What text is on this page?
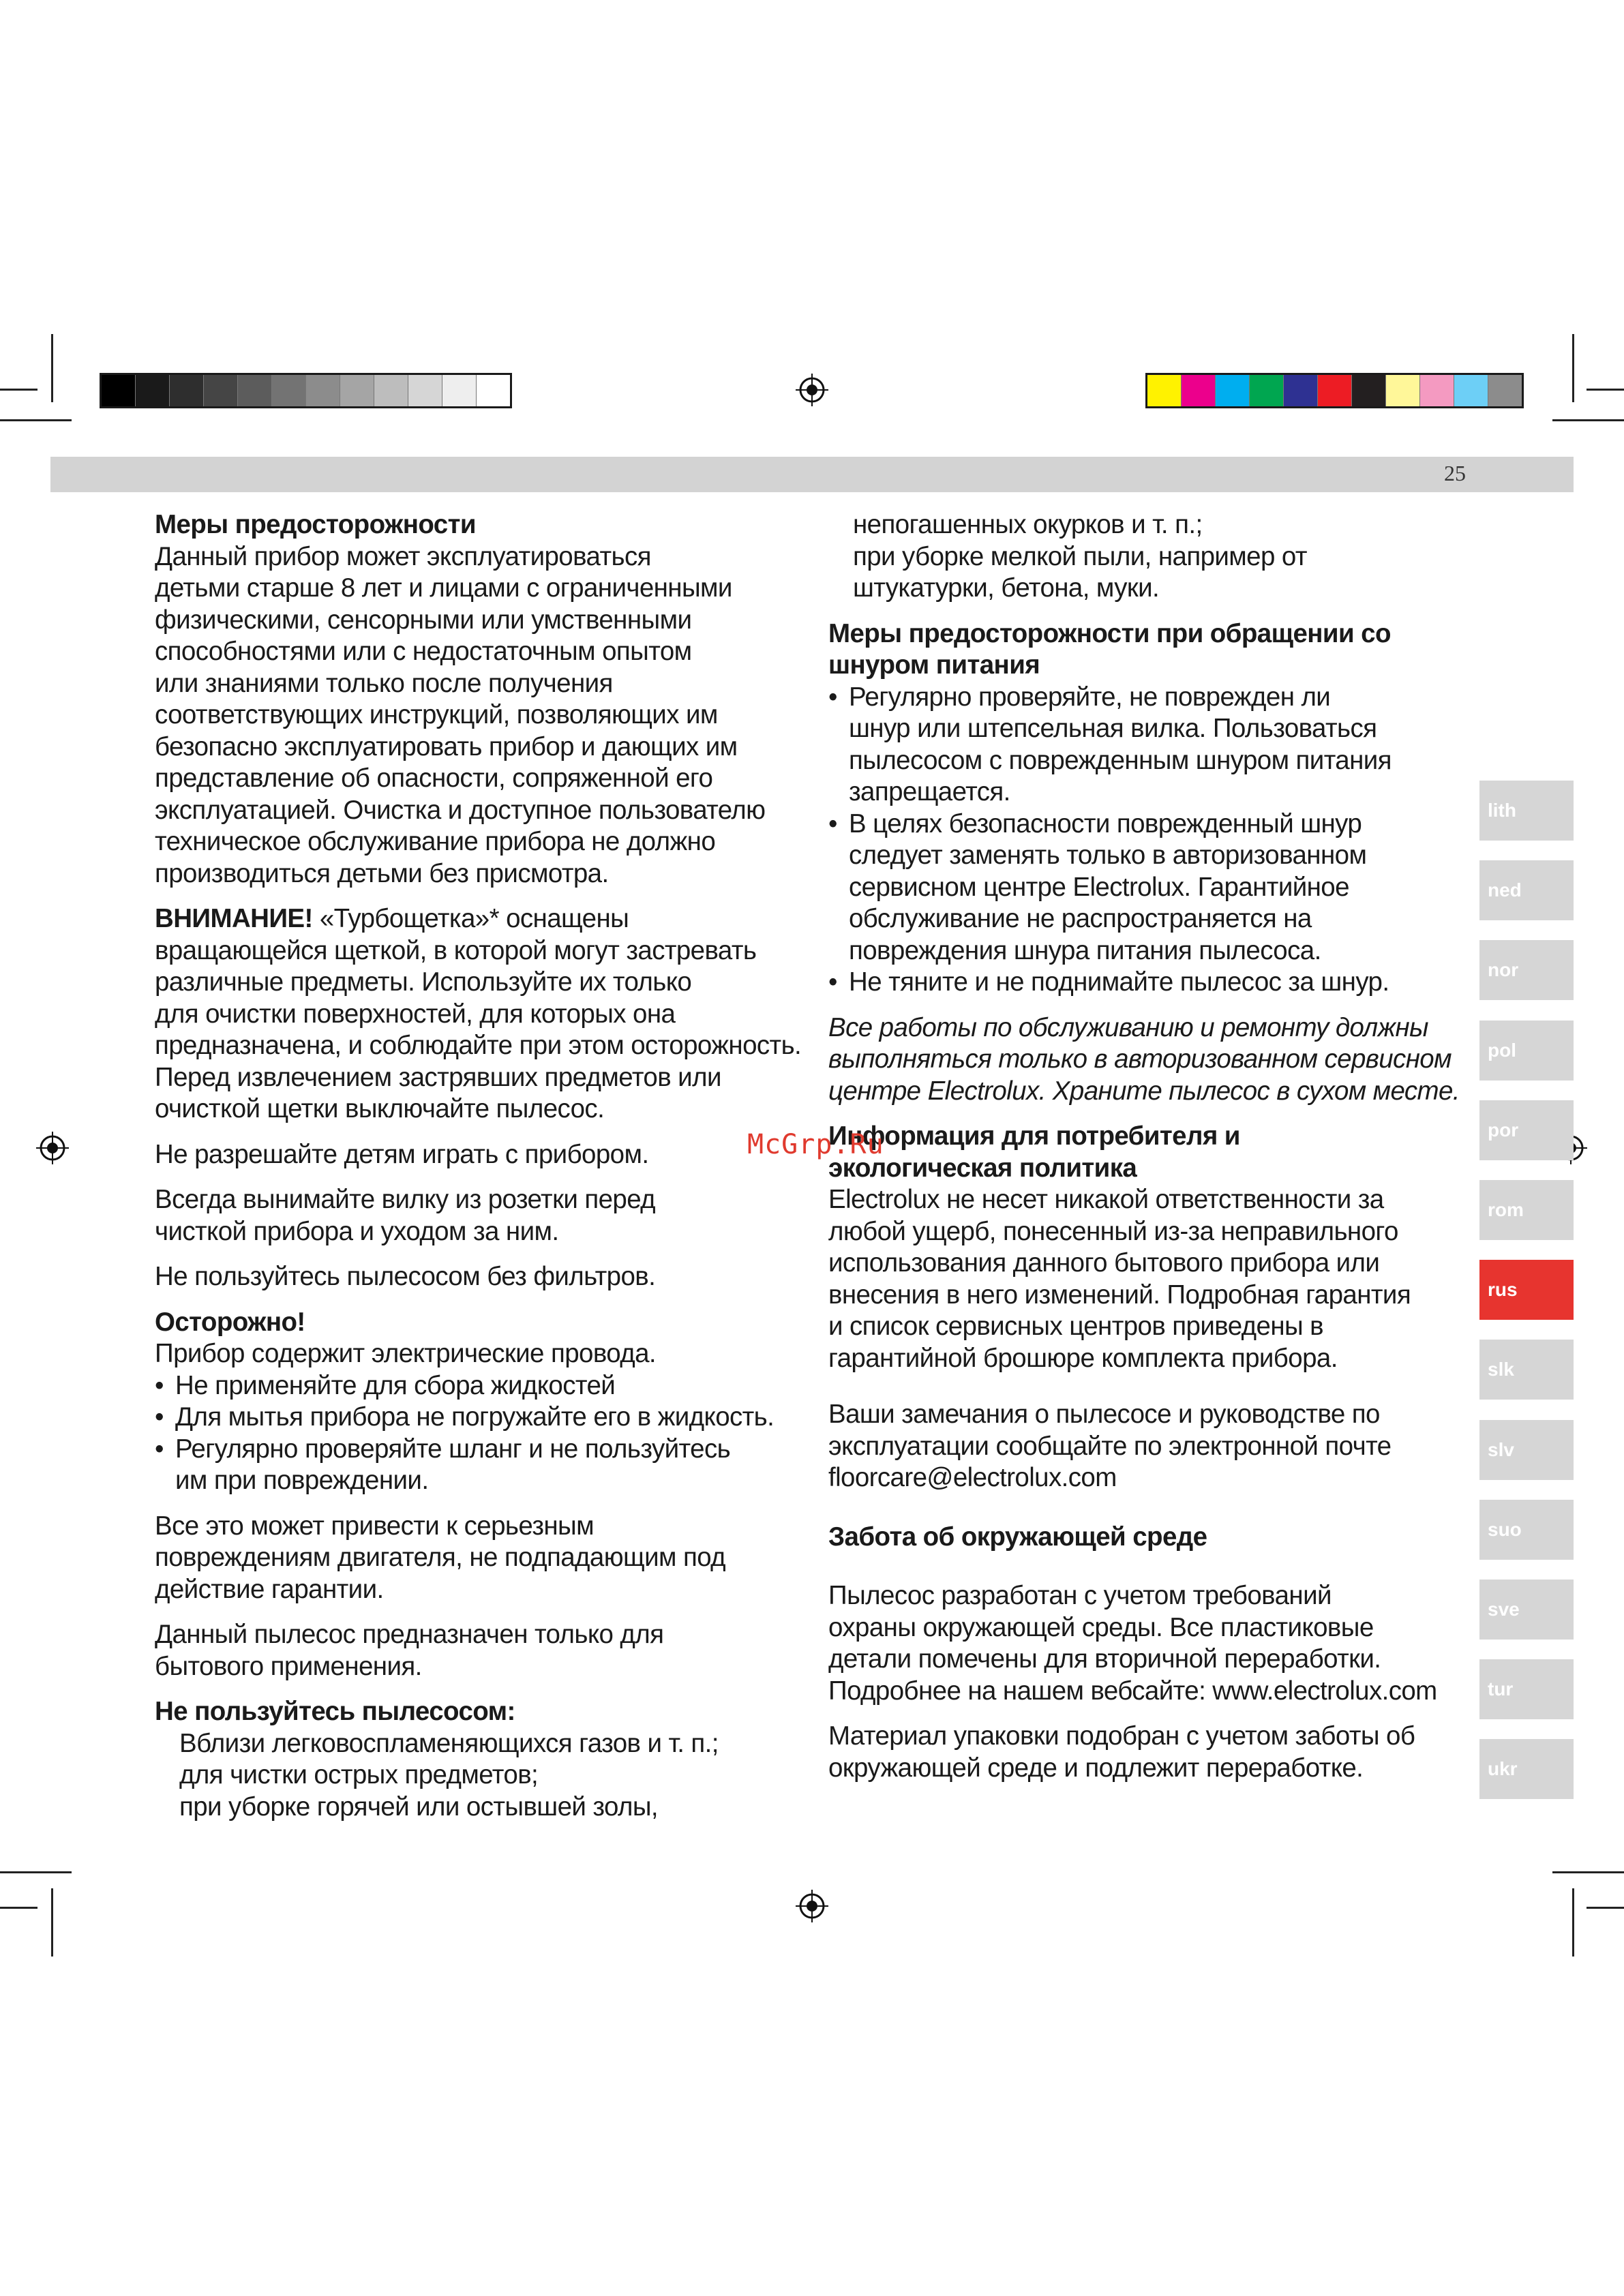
25
Меры предосторожности

Данный прибор может эксплуатироваться
детьми старше 8 лет и лицами с ограниченными
физическими, сенсорными или умственными
способностями или с недостаточным опытом
или знаниями только после получения
соответствующих инструкций, позволяющих им
безопасно эксплуатировать прибор и дающих им
представление об опасности, сопряженной его
эксплуатацией. Очистка и доступное пользователю
техническое обслуживание прибора не должно
производиться детьми без присмотра.

ВНИМАНИЕ! «Турбощетка»* оснащены
вращающейся щеткой, в которой могут застревать
различные предметы. Используйте их только
для очистки поверхностей, для которых она
предназначена, и соблюдайте при этом осторожность.
Перед извлечением застрявших предметов или
очисткой щетки выключайте пылесос.

Не разрешайте детям играть с прибором.

Всегда вынимайте вилку из розетки перед
чисткой прибора и уходом за ним.

Не пользуйтесь пылесосом без фильтров.

Осторожно!
Прибор содержит электрические провода.
• Не применяйте для сбора жидкостей
• Для мытья прибора не погружайте его в жидкость.
• Регулярно проверяйте шланг и не пользуйтесь
им при повреждении.

Все это может привести к серьезным
повреждениям двигателя, не подпадающим под
действие гарантии.

Данный пылесос предназначен только для
бытового применения.

Не пользуйтесь пылесосом:
Вблизи легковоспламеняющихся газов и т. п.;
для чистки острых предметов;
при уборке горячей или остывшей золы,

непогашенных окурков и т. п.;
при уборке мелкой пыли, например от
штукатурки, бетона, муки.

Меры предосторожности при обращении со
шнуром питания
• Регулярно проверяйте, не поврежден ли
шнур или штепсельная вилка. Пользоваться
пылесосом с поврежденным шнуром питания
запрещается.
• В целях безопасности поврежденный шнур
следует заменять только в авторизованном
сервисном центре Electrolux. Гарантийное
обслуживание не распространяется на
повреждения шнура питания пылесоса.
• Не тяните и не поднимайте пылесос за шнур.

Все работы по обслуживанию и ремонту должны
выполняться только в авторизованном сервисном
центре Electrolux. Храните пылесос в сухом месте.

Информация для потребителя и
экологическая политика

Electrolux не несет никакой ответственности за
любой ущерб, понесенный из-за неправильного
использования данного бытового прибора или
внесения в него изменений. Подробная гарантия
и список сервисных центров приведены в
гарантийной брошюре комплекта прибора.

Ваши замечания о пылесосе и руководстве по
эксплуатации сообщайте по электронной почте
floorcare@electrolux.com

Забота об окружающей среде

Пылесос разработан с учетом требований
охраны окружающей среды. Все пластиковые
детали помечены для вторичной переработки.
Подробнее на нашем вебсайте: www.electrolux.com

Материал упаковки подобран с учетом заботы об
окружающей среде и подлежит переработке.

lith
ned
nor
pol
por
rom
rus
slk
slv
suo
sve
tur
ukr
McGrp.Ru
